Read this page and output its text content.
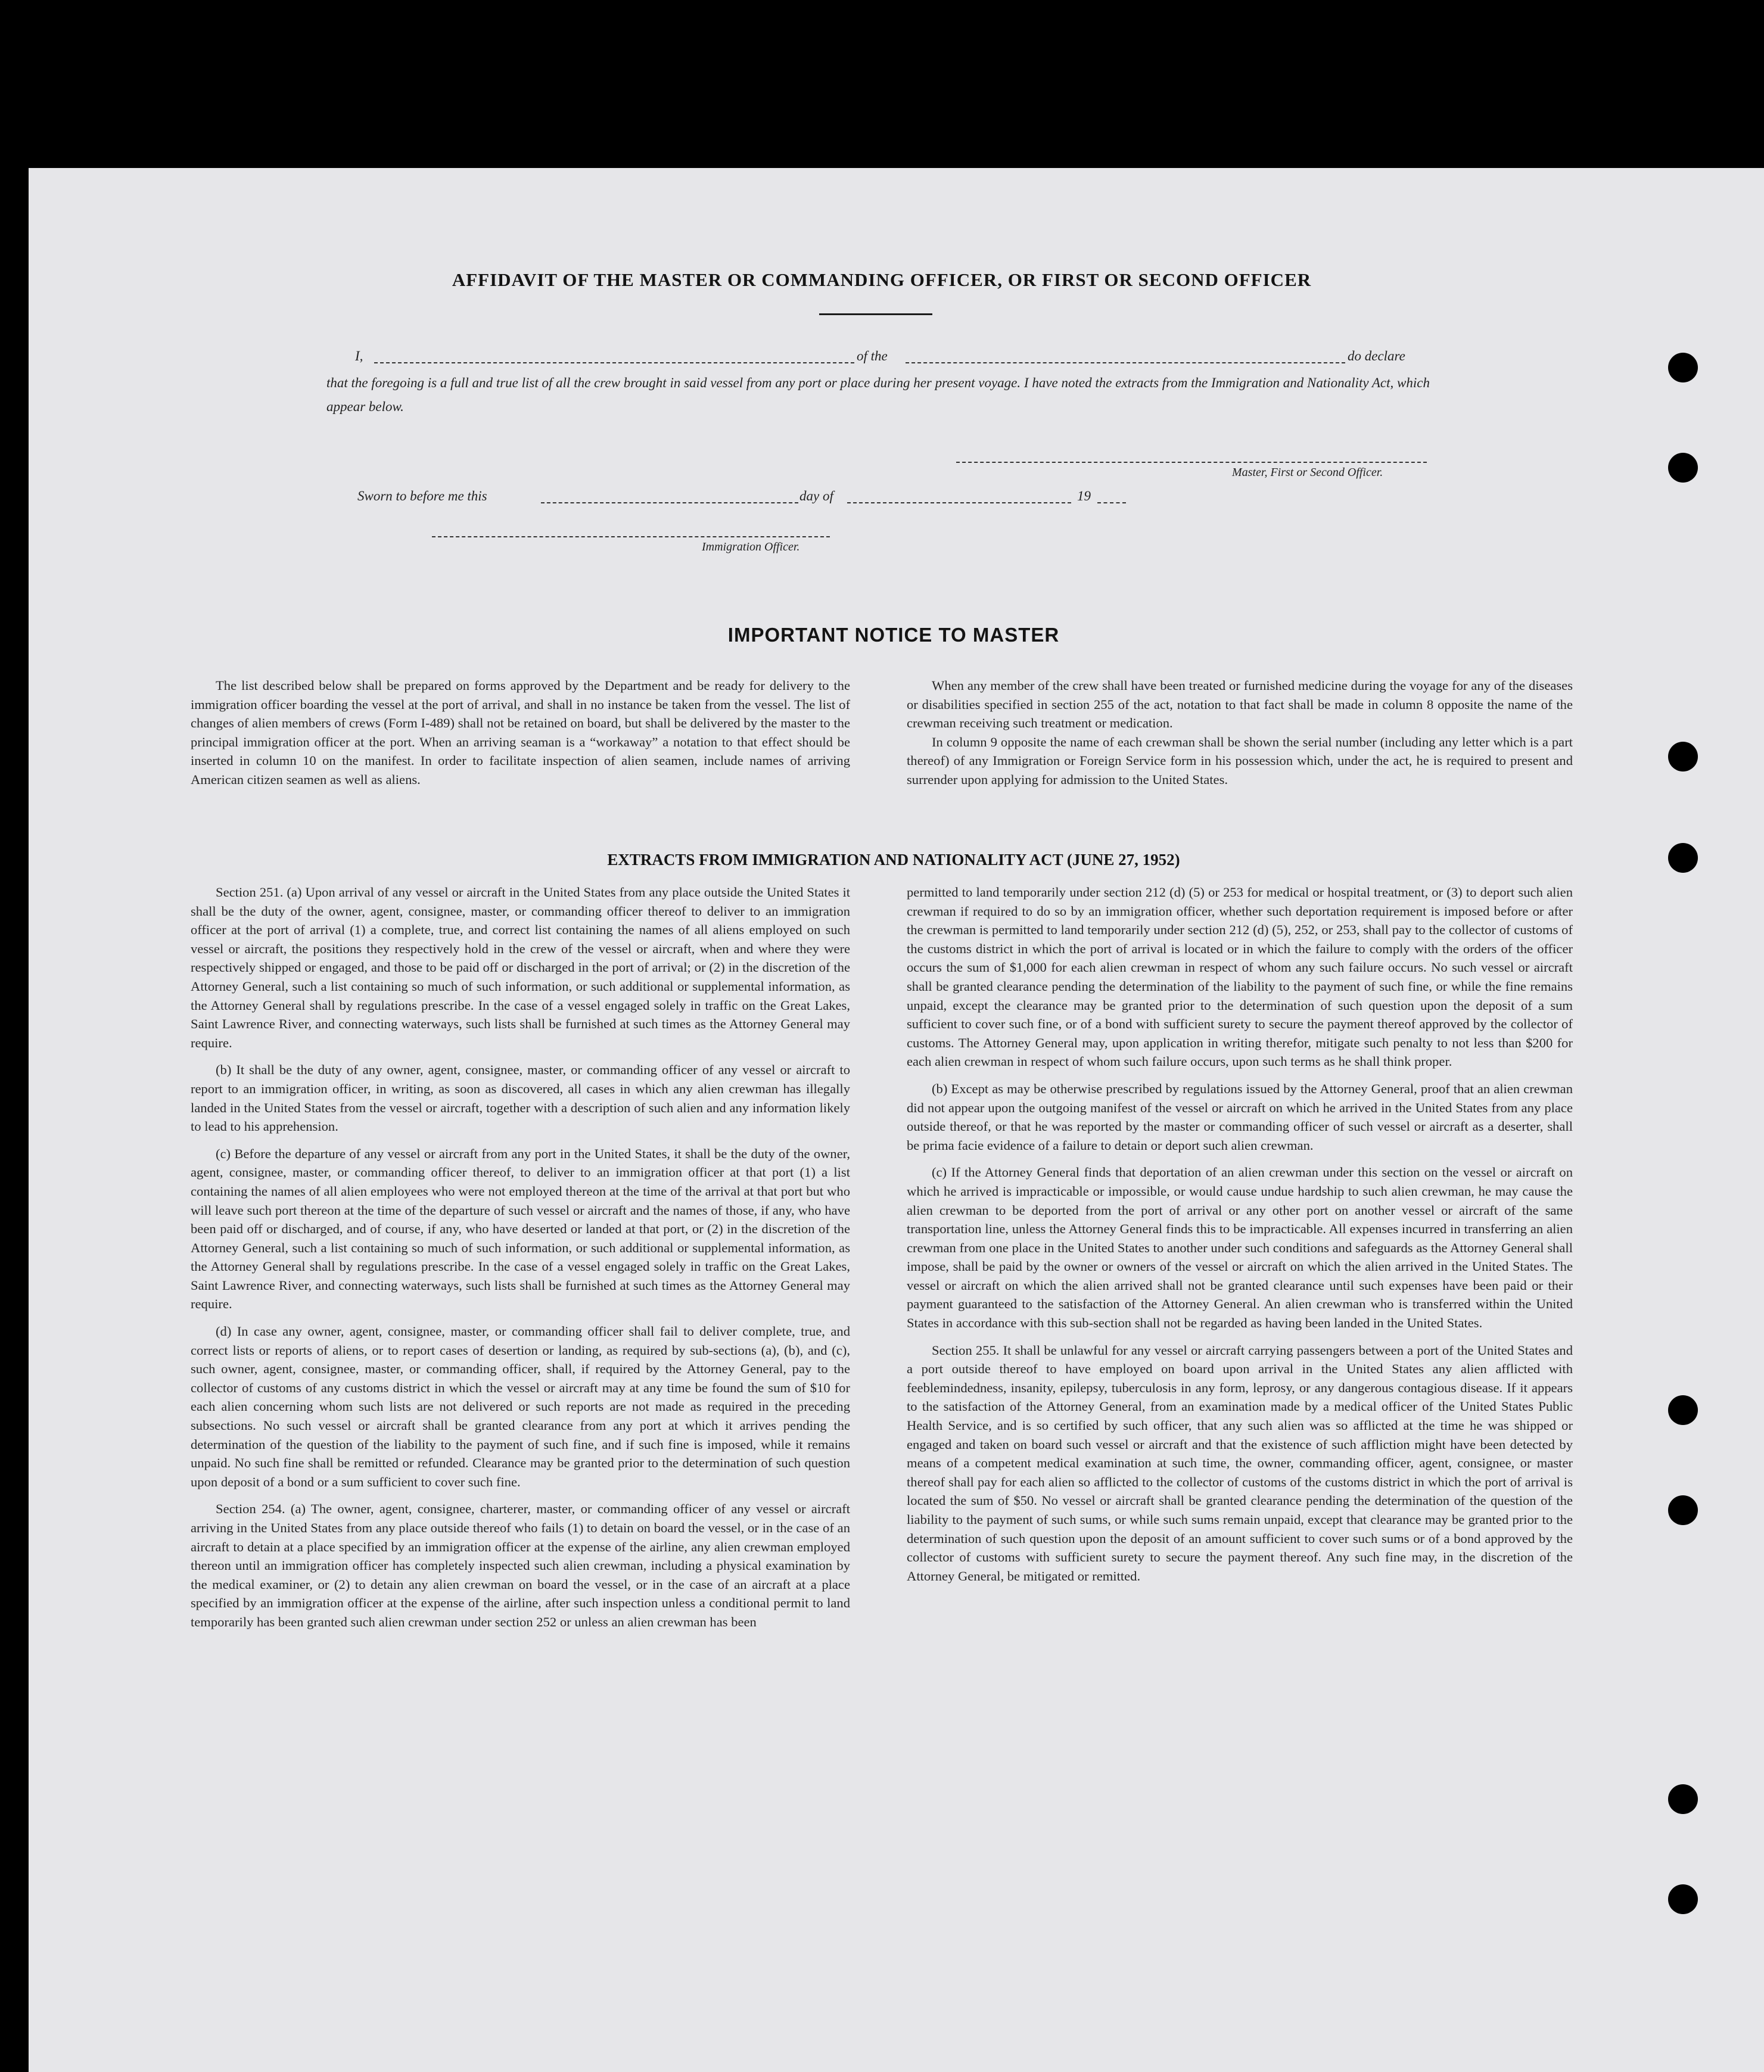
AFFIDAVIT OF THE MASTER OR COMMANDING OFFICER, OR FIRST OR SECOND OFFICER
I,	of the	do declare
that the foregoing is a full and true list of all the crew brought in said vessel from any port or place during her present voyage. I have noted the extracts from the Immigration and Nationality Act, which appear below.
Master, First or Second Officer.
Sworn to before me this	day of	19
Immigration Officer.
IMPORTANT NOTICE TO MASTER

The list described below shall be prepared on forms approved by the Department and be ready for delivery to the immigration officer boarding the vessel at the port of arrival, and shall in no instance be taken from the vessel. The list of changes of alien members of crews (Form I-489) shall not be retained on board, but shall be delivered by the master to the principal immigration officer at the port. When an arriving seaman is a “workaway” a notation to that effect should be inserted in column 10 on the manifest. In order to facilitate inspection of alien seamen, include names of arriving American citizen seamen as well as aliens.

When any member of the crew shall have been treated or furnished medicine during the voyage for any of the diseases or disabilities specified in section 255 of the act, notation to that fact shall be made in column 8 opposite the name of the crewman receiving such treatment or medication.

In column 9 opposite the name of each crewman shall be shown the serial number (including any letter which is a part thereof) of any Immigration or Foreign Service form in his possession which, under the act, he is required to present and surrender upon applying for admission to the United States.

EXTRACTS FROM IMMIGRATION AND NATIONALITY ACT (JUNE 27, 1952)

Section 251. (a) Upon arrival of any vessel or aircraft in the United States from any place outside the United States it shall be the duty of the owner, agent, consignee, master, or commanding officer thereof to deliver to an immigration officer at the port of arrival (1) a complete, true, and correct list containing the names of all aliens employed on such vessel or aircraft, the positions they respectively hold in the crew of the vessel or aircraft, when and where they were respectively shipped or engaged, and those to be paid off or discharged in the port of arrival; or (2) in the discretion of the Attorney General, such a list containing so much of such information, or such additional or supplemental information, as the Attorney General shall by regulations prescribe. In the case of a vessel engaged solely in traffic on the Great Lakes, Saint Lawrence River, and connecting waterways, such lists shall be furnished at such times as the Attorney General may require.

(b) It shall be the duty of any owner, agent, consignee, master, or commanding officer of any vessel or aircraft to report to an immigration officer, in writing, as soon as discovered, all cases in which any alien crewman has illegally landed in the United States from the vessel or aircraft, together with a description of such alien and any information likely to lead to his apprehension.

(c) Before the departure of any vessel or aircraft from any port in the United States, it shall be the duty of the owner, agent, consignee, master, or commanding officer thereof, to deliver to an immigration officer at that port (1) a list containing the names of all alien employees who were not employed thereon at the time of the arrival at that port but who will leave such port thereon at the time of the departure of such vessel or aircraft and the names of those, if any, who have been paid off or discharged, and of course, if any, who have deserted or landed at that port, or (2) in the discretion of the Attorney General, such a list containing so much of such information, or such additional or supplemental information, as the Attorney General shall by regulations prescribe. In the case of a vessel engaged solely in traffic on the Great Lakes, Saint Lawrence River, and connecting waterways, such lists shall be furnished at such times as the Attorney General may require.

(d) In case any owner, agent, consignee, master, or commanding officer shall fail to deliver complete, true, and correct lists or reports of aliens, or to report cases of desertion or landing, as required by sub-sections (a), (b), and (c), such owner, agent, consignee, master, or commanding officer, shall, if required by the Attorney General, pay to the collector of customs of any customs district in which the vessel or aircraft may at any time be found the sum of $10 for each alien concerning whom such lists are not delivered or such reports are not made as required in the preceding subsections. No such vessel or aircraft shall be granted clearance from any port at which it arrives pending the determination of the question of the liability to the payment of such fine, and if such fine is imposed, while it remains unpaid. No such fine shall be remitted or refunded. Clearance may be granted prior to the determination of such question upon deposit of a bond or a sum sufficient to cover such fine.

Section 254. (a) The owner, agent, consignee, charterer, master, or commanding officer of any vessel or aircraft arriving in the United States from any place outside thereof who fails (1) to detain on board the vessel, or in the case of an aircraft to detain at a place specified by an immigration officer at the expense of the airline, any alien crewman employed thereon until an immigration officer has completely inspected such alien crewman, including a physical examination by the medical examiner, or (2) to detain any alien crewman on board the vessel, or in the case of an aircraft at a place specified by an immigration officer at the expense of the airline, after such inspection unless a conditional permit to land temporarily has been granted such alien crewman under section 252 or unless an alien crewman has been

permitted to land temporarily under section 212 (d) (5) or 253 for medical or hospital treatment, or (3) to deport such alien crewman if required to do so by an immigration officer, whether such deportation requirement is imposed before or after the crewman is permitted to land temporarily under section 212 (d) (5), 252, or 253, shall pay to the collector of customs of the customs district in which the port of arrival is located or in which the failure to comply with the orders of the officer occurs the sum of $1,000 for each alien crewman in respect of whom any such failure occurs. No such vessel or aircraft shall be granted clearance pending the determination of the liability to the payment of such fine, or while the fine remains unpaid, except the clearance may be granted prior to the determination of such question upon the deposit of a sum sufficient to cover such fine, or of a bond with sufficient surety to secure the payment thereof approved by the collector of customs. The Attorney General may, upon application in writing therefor, mitigate such penalty to not less than $200 for each alien crewman in respect of whom such failure occurs, upon such terms as he shall think proper.

(b) Except as may be otherwise prescribed by regulations issued by the Attorney General, proof that an alien crewman did not appear upon the outgoing manifest of the vessel or aircraft on which he arrived in the United States from any place outside thereof, or that he was reported by the master or commanding officer of such vessel or aircraft as a deserter, shall be prima facie evidence of a failure to detain or deport such alien crewman.

(c) If the Attorney General finds that deportation of an alien crewman under this section on the vessel or aircraft on which he arrived is impracticable or impossible, or would cause undue hardship to such alien crewman, he may cause the alien crewman to be deported from the port of arrival or any other port on another vessel or aircraft of the same transportation line, unless the Attorney General finds this to be impracticable. All expenses incurred in transferring an alien crewman from one place in the United States to another under such conditions and safeguards as the Attorney General shall impose, shall be paid by the owner or owners of the vessel or aircraft on which the alien arrived in the United States. The vessel or aircraft on which the alien arrived shall not be granted clearance until such expenses have been paid or their payment guaranteed to the satisfaction of the Attorney General. An alien crewman who is transferred within the United States in accordance with this sub-section shall not be regarded as having been landed in the United States.

Section 255. It shall be unlawful for any vessel or aircraft carrying passengers between a port of the United States and a port outside thereof to have employed on board upon arrival in the United States any alien afflicted with feeblemindedness, insanity, epilepsy, tuberculosis in any form, leprosy, or any dangerous contagious disease. If it appears to the satisfaction of the Attorney General, from an examination made by a medical officer of the United States Public Health Service, and is so certified by such officer, that any such alien was so afflicted at the time he was shipped or engaged and taken on board such vessel or aircraft and that the existence of such affliction might have been detected by means of a competent medical examination at such time, the owner, commanding officer, agent, consignee, or master thereof shall pay for each alien so afflicted to the collector of customs of the customs district in which the port of arrival is located the sum of $50. No vessel or aircraft shall be granted clearance pending the determination of the question of the liability to the payment of such sums, or while such sums remain unpaid, except that clearance may be granted prior to the determination of such question upon the deposit of an amount sufficient to cover such sums or of a bond approved by the collector of customs with sufficient surety to secure the payment thereof. Any such fine may, in the discretion of the Attorney General, be mitigated or remitted.
